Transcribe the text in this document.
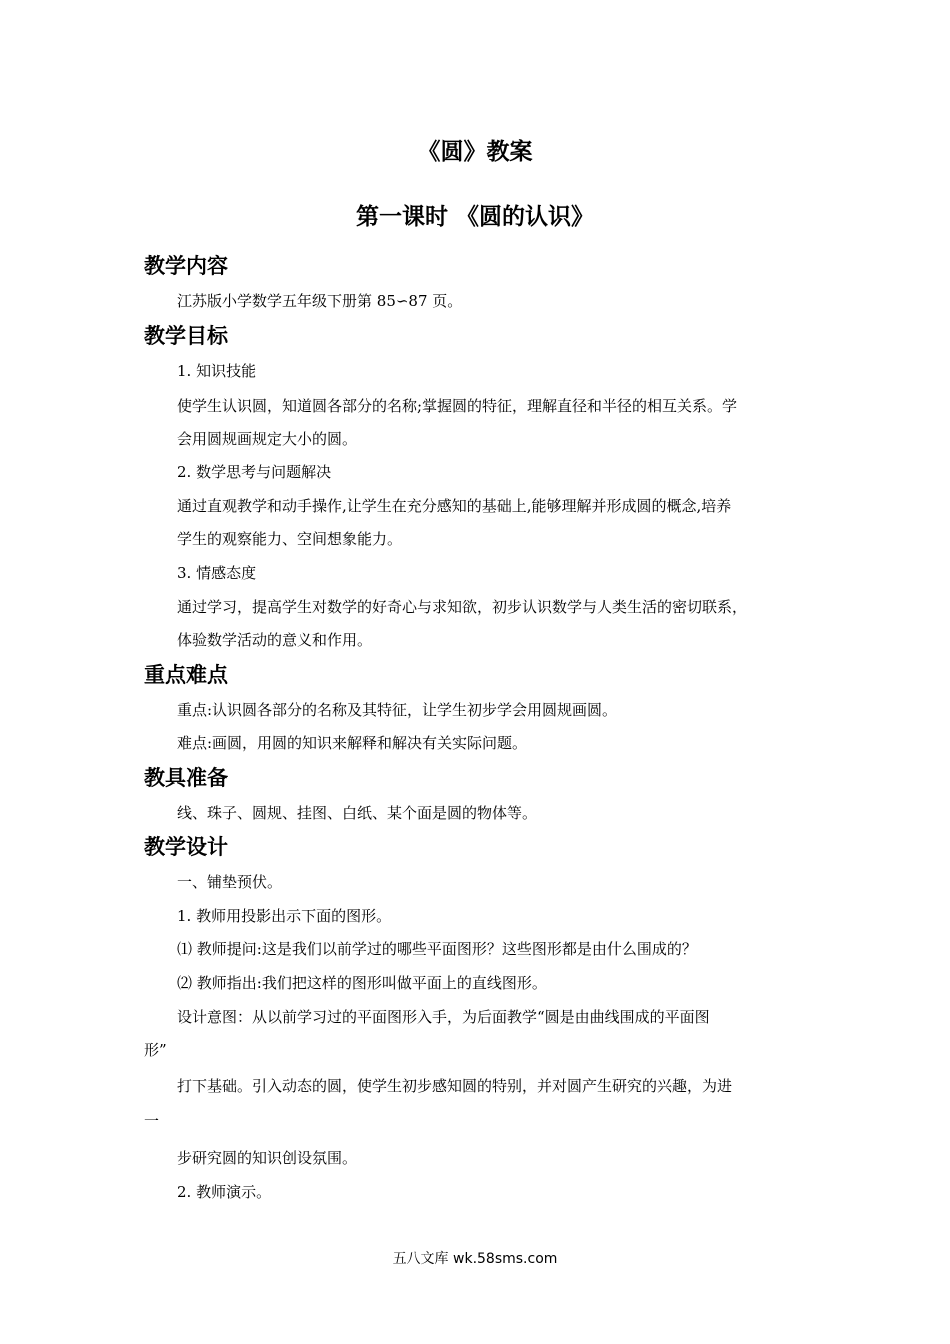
《圆》教案
第一课时 《圆的认识》
教学内容
江苏版小学数学五年级下册第 85∽87 页。
教学目标
1. 知识技能
使学生认识圆，知道圆各部分的名称;掌握圆的特征，理解直径和半径的相互关系。学
会用圆规画规定大小的圆。
2. 数学思考与问题解决
通过直观教学和动手操作,让学生在充分感知的基础上,能够理解并形成圆的概念,培养
学生的观察能力、空间想象能力。
3. 情感态度
通过学习，提高学生对数学的好奇心与求知欲，初步认识数学与人类生活的密切联系，
体验数学活动的意义和作用。
重点难点
重点:认识圆各部分的名称及其特征，让学生初步学会用圆规画圆。
难点:画圆，用圆的知识来解释和解决有关实际问题。
教具准备
线、珠子、圆规、挂图、白纸、某个面是圆的物体等。
教学设计
一、铺垫预伏。
1. 教师用投影出示下面的图形。
⑴ 教师提问:这是我们以前学过的哪些平面图形？这些图形都是由什么围成的？
⑵ 教师指出:我们把这样的图形叫做平面上的直线图形。
设计意图：从以前学习过的平面图形入手，为后面教学“圆是由曲线围成的平面图
形”
打下基础。引入动态的圆，使学生初步感知圆的特别，并对圆产生研究的兴趣，为进
一
步研究圆的知识创设氛围。
2. 教师演示。
五八文库 wk.58sms.com
